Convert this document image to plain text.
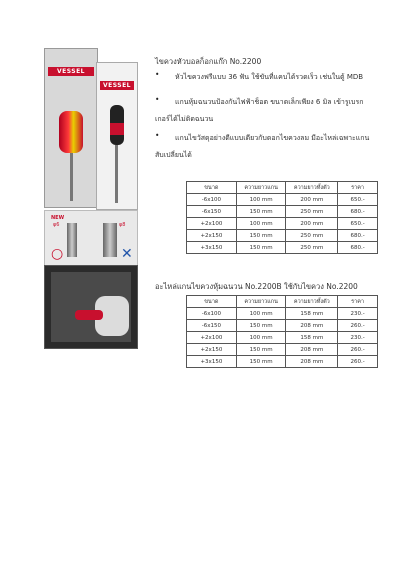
VESSEL
VESSEL
NEW
φ6	φ8
○	✕
ไขควงหัวบอลก็อกแก๊ก No.2200
• หัวไขควงฟรีแบบ 36 ฟัน ใช้ขันที่แคบได้รวดเร็ว เช่นในตู้ MDB
• แกนหุ้มฉนวนป้องกันไฟฟ้าช็อต ขนาดเล็กเพียง 6 มิล เข้ารูเบรก
เกอร์ได้ไม่ติดฉนวน
• แกนไขวัสดุอย่างดีแบบเดียวกับดอกไขควงลม มีอะไหล่เฉพาะแกน
สับเปลี่ยนได้
ขนาด	ความยาวแกน	ความยาวทั้งตัว	ราคา
-6x100	100 mm	200 mm	650.-
-6x150	150 mm	250 mm	680.-
+2x100	100 mm	200 mm	650.-
+2x150	150 mm	250 mm	680.-
+3x150	150 mm	250 mm	680.-
อะไหล่แกนไขควงหุ้มฉนวน No.2200B ใช้กับไขควง No.2200
ขนาด	ความยาวแกน	ความยาวทั้งตัว	ราคา
-6x100	100 mm	158 mm	230.-
-6x150	150 mm	208 mm	260.-
+2x100	100 mm	158 mm	230.-
+2x150	150 mm	208 mm	260.-
+3x150	150 mm	208 mm	260.-
